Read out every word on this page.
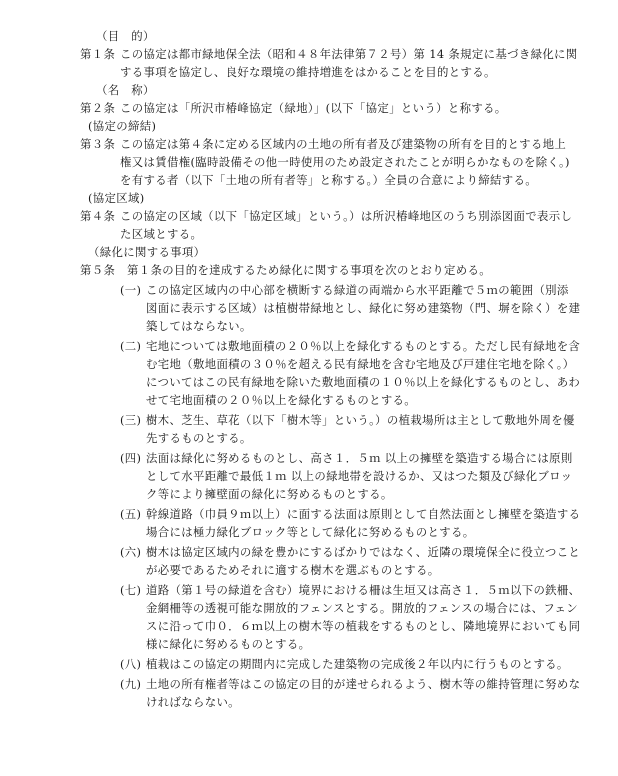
（目　的）
第１条 この協定は都市緑地保全法（昭和４８年法律第７２号）第 14 条規定に基づき緑化に関
する事項を協定し、良好な環境の維持増進をはかることを目的とする。
（名　称）
第２条 この協定は「所沢市椿峰協定（緑地）」(以下「協定」という）と称する。
(協定の締結)
第３条 この協定は第４条に定める区域内の土地の所有者及び建築物の所有を目的とする地上
権又は賃借権(臨時設備その他一時使用のため設定されたことが明らかなものを除く。)
を有する者（以下「土地の所有者等」と称する。）全員の合意により締結する。
(協定区域)
第４条 この協定の区域（以下「協定区域」という。）は所沢椿峰地区のうち別添図面で表示し
た区域とする。
（緑化に関する事項）
第５条 第１条の目的を達成するため緑化に関する事項を次のとおり定める。
(一) この協定区域内の中心部を横断する緑道の両端から水平距離で５ｍの範囲（別添
図面に表示する区域）は植樹帯緑地とし、緑化に努め建築物（門、塀を除く）を建
築してはならない。
(二) 宅地については敷地面積の２０％以上を緑化するものとする。ただし民有緑地を含
む宅地（敷地面積の３０％を超える民有緑地を含む宅地及び戸建住宅地を除く。）
についてはこの民有緑地を除いた敷地面積の１０％以上を緑化するものとし、あわ
せて宅地面積の２０％以上を緑化するものとする。
(三) 樹木、芝生、草花（以下「樹木等」という。）の植栽場所は主として敷地外周を優
先するものとする。
(四) 法面は緑化に努めるものとし、高さ１．５ｍ 以上の擁壁を築造する場合には原則
として水平距離で最低１ｍ 以上の緑地帯を設けるか、又はつた類及び緑化ブロッ
ク等により擁壁面の緑化に努めるものとする。
(五) 幹線道路（巾員９ｍ以上）に面する法面は原則として自然法面とし擁壁を築造する
場合には極力緑化ブロック等として緑化に努めるものとする。
(六) 樹木は協定区域内の緑を豊かにするばかりではなく、近隣の環境保全に役立つこと
が必要であるためそれに適する樹木を選ぶものとする。
(七) 道路（第１号の緑道を含む）境界における柵は生垣又は高さ１．５ｍ以下の鉄柵、
金網柵等の透視可能な開放的フェンスとする。開放的フェンスの場合には、フェン
スに沿って巾０．６ｍ以上の樹木等の植栽をするものとし、隣地境界においても同
様に緑化に努めるものとする。
(八) 植栽はこの協定の期間内に完成した建築物の完成後２年以内に行うものとする。
(九) 土地の所有権者等はこの協定の目的が達せられるよう、樹木等の維持管理に努めな
ければならない。
